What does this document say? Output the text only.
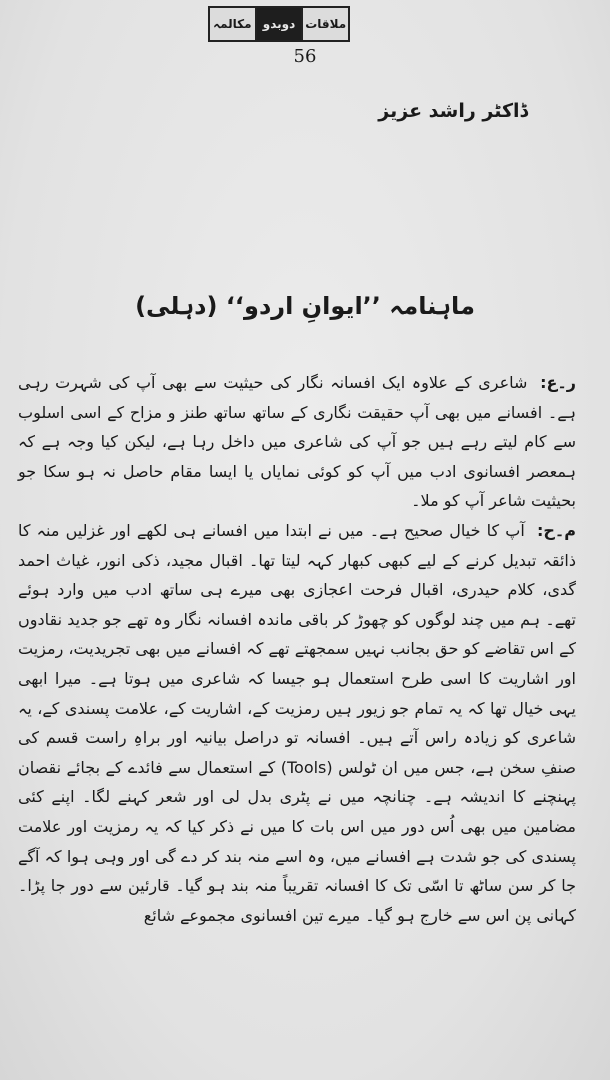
مکالمہ دوبدو ملاقات
56
ڈاکٹر راشد عزیز
ماہنامہ ’’ایوانِ اردو‘‘ (دہلی)

ر۔ع: شاعری کے علاوہ ایک افسانہ نگار کی حیثیت سے بھی آپ کی شہرت رہی ہے۔ افسانے میں بھی آپ حقیقت نگاری کے ساتھ ساتھ طنز و مزاح کے اسی اسلوب سے کام لیتے رہے ہیں جو آپ کی شاعری میں داخل رہا ہے، لیکن کیا وجہ ہے کہ ہمعصر افسانوی ادب میں آپ کو کوئی نمایاں یا ایسا مقام حاصل نہ ہو سکا جو بحیثیت شاعر آپ کو ملا۔

م۔ح: آپ کا خیال صحیح ہے۔ میں نے ابتدا میں افسانے ہی لکھے اور غزلیں منہ کا ذائقہ تبدیل کرنے کے لیے کبھی کبھار کہہ لیتا تھا۔ اقبال مجید، ذکی انور، غیاث احمد گدی، کلام حیدری، اقبال فرحت اعجازی بھی میرے ہی ساتھ ادب میں وارد ہوئے تھے۔ ہم میں چند لوگوں کو چھوڑ کر باقی ماندہ افسانہ نگار وہ تھے جو جدید نقادوں کے اس تقاضے کو حق بجانب نہیں سمجھتے تھے کہ افسانے میں بھی تجریدیت، رمزیت اور اشاریت کا اسی طرح استعمال ہو جیسا کہ شاعری میں ہوتا ہے۔ میرا ابھی یہی خیال تھا کہ یہ تمام جو زیور ہیں رمزیت کے، اشاریت کے، علامت پسندی کے، یہ شاعری کو زیادہ راس آتے ہیں۔ افسانہ تو دراصل بیانیہ اور براہِ راست قسم کی صنفِ سخن ہے، جس میں ان ٹولس (Tools) کے استعمال سے فائدے کے بجائے نقصان پہنچنے کا اندیشہ ہے۔ چنانچہ میں نے پٹری بدل لی اور شعر کہنے لگا۔ اپنے کئی مضامین میں بھی اُس دور میں اس بات کا میں نے ذکر کیا کہ یہ رمزیت اور علامت پسندی کی جو شدت ہے افسانے میں، وہ اسے منہ بند کر دے گی اور وہی ہوا کہ آگے جا کر سن ساٹھ تا اسّی تک کا افسانہ تقریباً منہ بند ہو گیا۔ قارئین سے دور جا پڑا۔ کہانی پن اس سے خارج ہو گیا۔ میرے تین افسانوی مجموعے شائع
